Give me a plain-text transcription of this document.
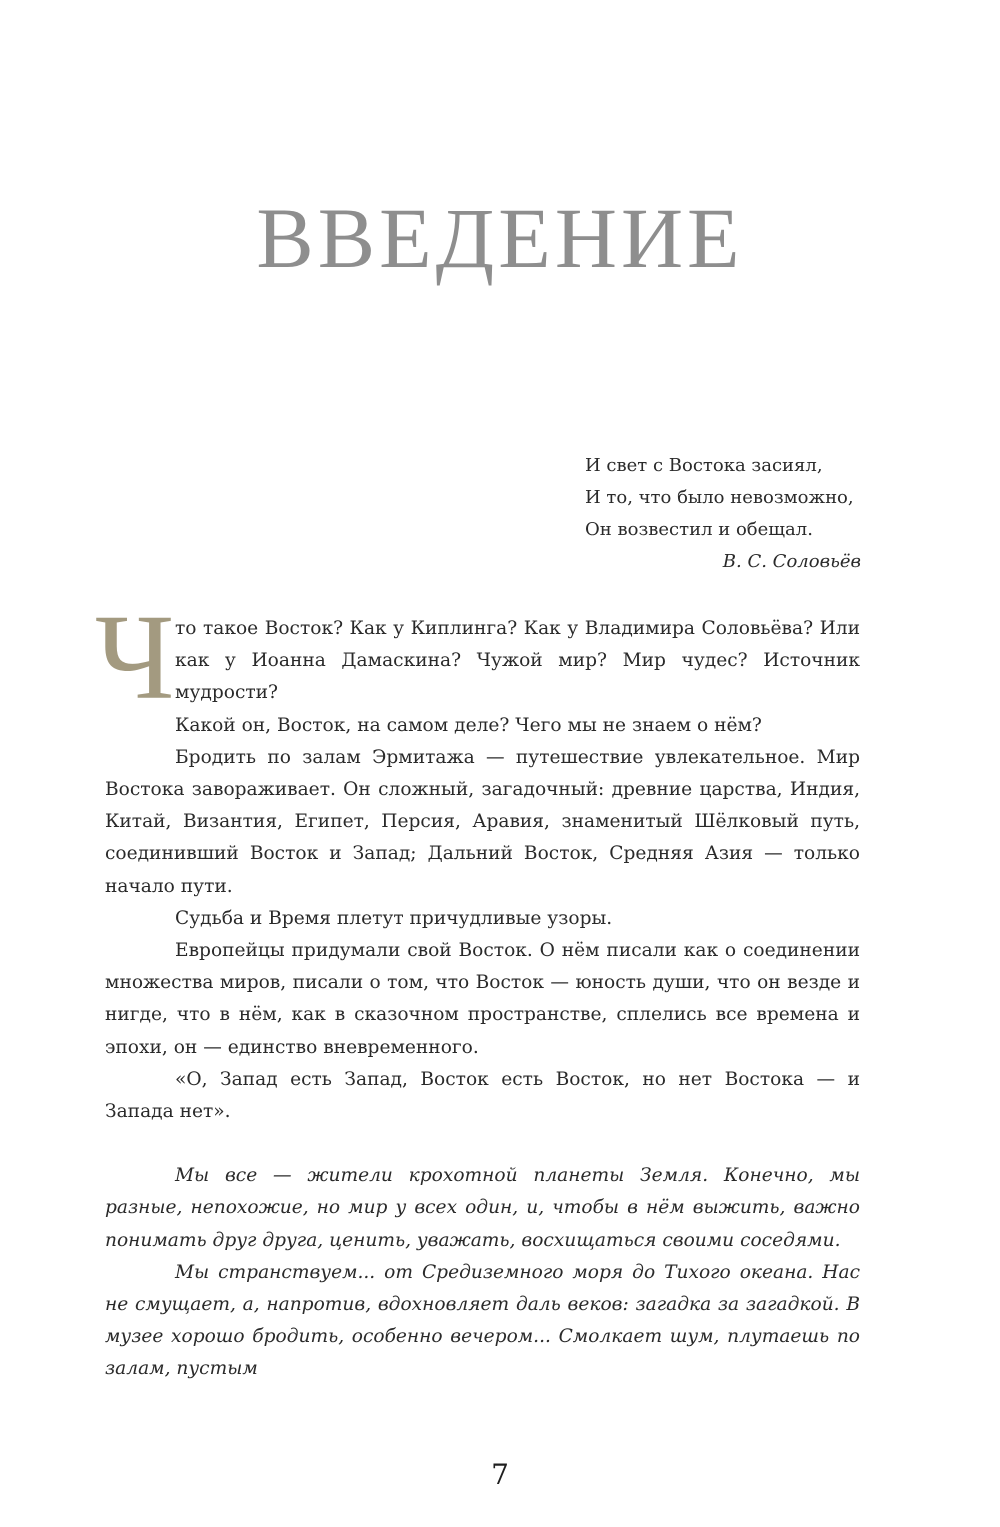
ВВЕДЕНИЕ
И свет с Востока засиял,
И то, что было невозможно,
Он возвестил и обещал.
В. С. Соловьёв

Ч то такое Восток? Как у Киплинга? Как у Владимира Соловьёва? Или как у Иоанна Дамаскина? Чужой мир? Мир чудес? Источник мудрости?

Какой он, Восток, на самом деле? Чего мы не знаем о нём?

Бродить по залам Эрмитажа — путешествие увлекательное. Мир Востока завораживает. Он сложный, загадочный: древние царства, Индия, Китай, Византия, Египет, Персия, Аравия, знаменитый Шёлковый путь, соединивший Восток и Запад; Дальний Восток, Средняя Азия — только начало пути.

Судьба и Время плетут причудливые узоры.

Европейцы придумали свой Восток. О нём писали как о соединении множества миров, писали о том, что Восток — юность души, что он везде и нигде, что в нём, как в сказочном пространстве, сплелись все времена и эпохи, он — единство вневременного.

«О, Запад есть Запад, Восток есть Восток, но нет Востока — и Запада нет».

Мы все — жители крохотной планеты Земля. Конечно, мы разные, непохожие, но мир у всех один, и, чтобы в нём выжить, важно понимать друг друга, ценить, уважать, восхищаться своими соседями.

Мы странствуем... от Средиземного моря до Тихого океана. Нас не смущает, а, напротив, вдохновляет даль веков: загадка за загадкой. В музее хорошо бродить, особенно вечером... Смолкает шум, плутаешь по залам, пустым

7
